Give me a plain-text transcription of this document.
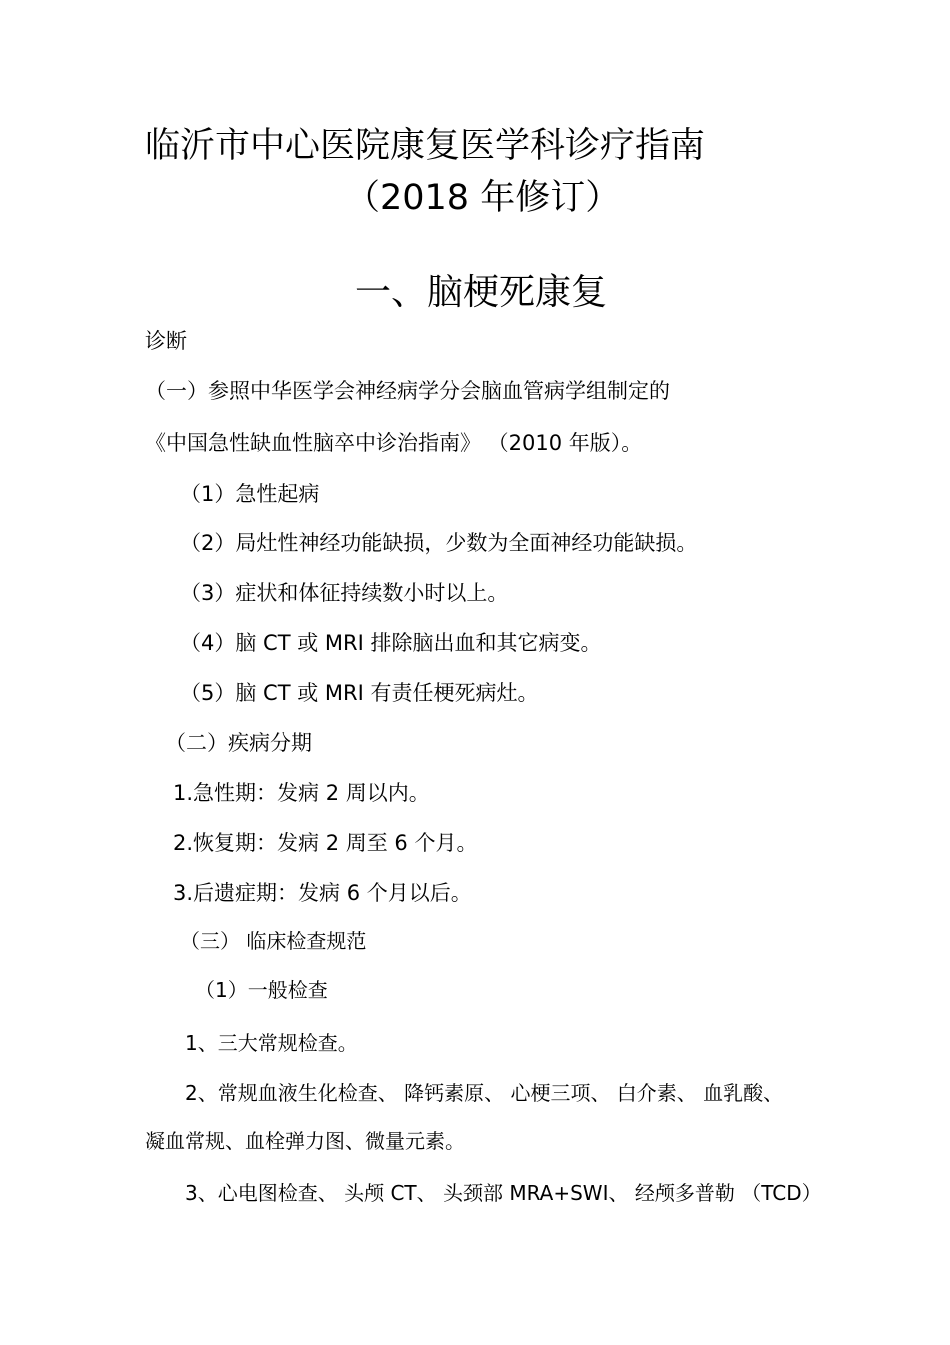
临沂市中心医院康复医学科诊疗指南
（2018 年修订）
一、脑梗死康复
诊断
（一）参照中华医学会神经病学分会脑血管病学组制定的
《中国急性缺血性脑卒中诊治指南》 （2010 年版）。
（1）急性起病
（2）局灶性神经功能缺损，少数为全面神经功能缺损。
（3）症状和体征持续数小时以上。
（4）脑 CT 或 MRI 排除脑出血和其它病变。
（5）脑 CT 或 MRI 有责任梗死病灶。
（二）疾病分期
1.急性期：发病 2 周以内。
2.恢复期：发病 2 周至 6 个月。
3.后遗症期：发病 6 个月以后。
（三） 临床检查规范
（1）一般检查
1、三大常规检查。
2、常规血液生化检查、 降钙素原、 心梗三项、 白介素、 血乳酸、
凝血常规、血栓弹力图、微量元素。
3、心电图检查、 头颅 CT、 头颈部 MRA+SWI、 经颅多普勒 （TCD）
